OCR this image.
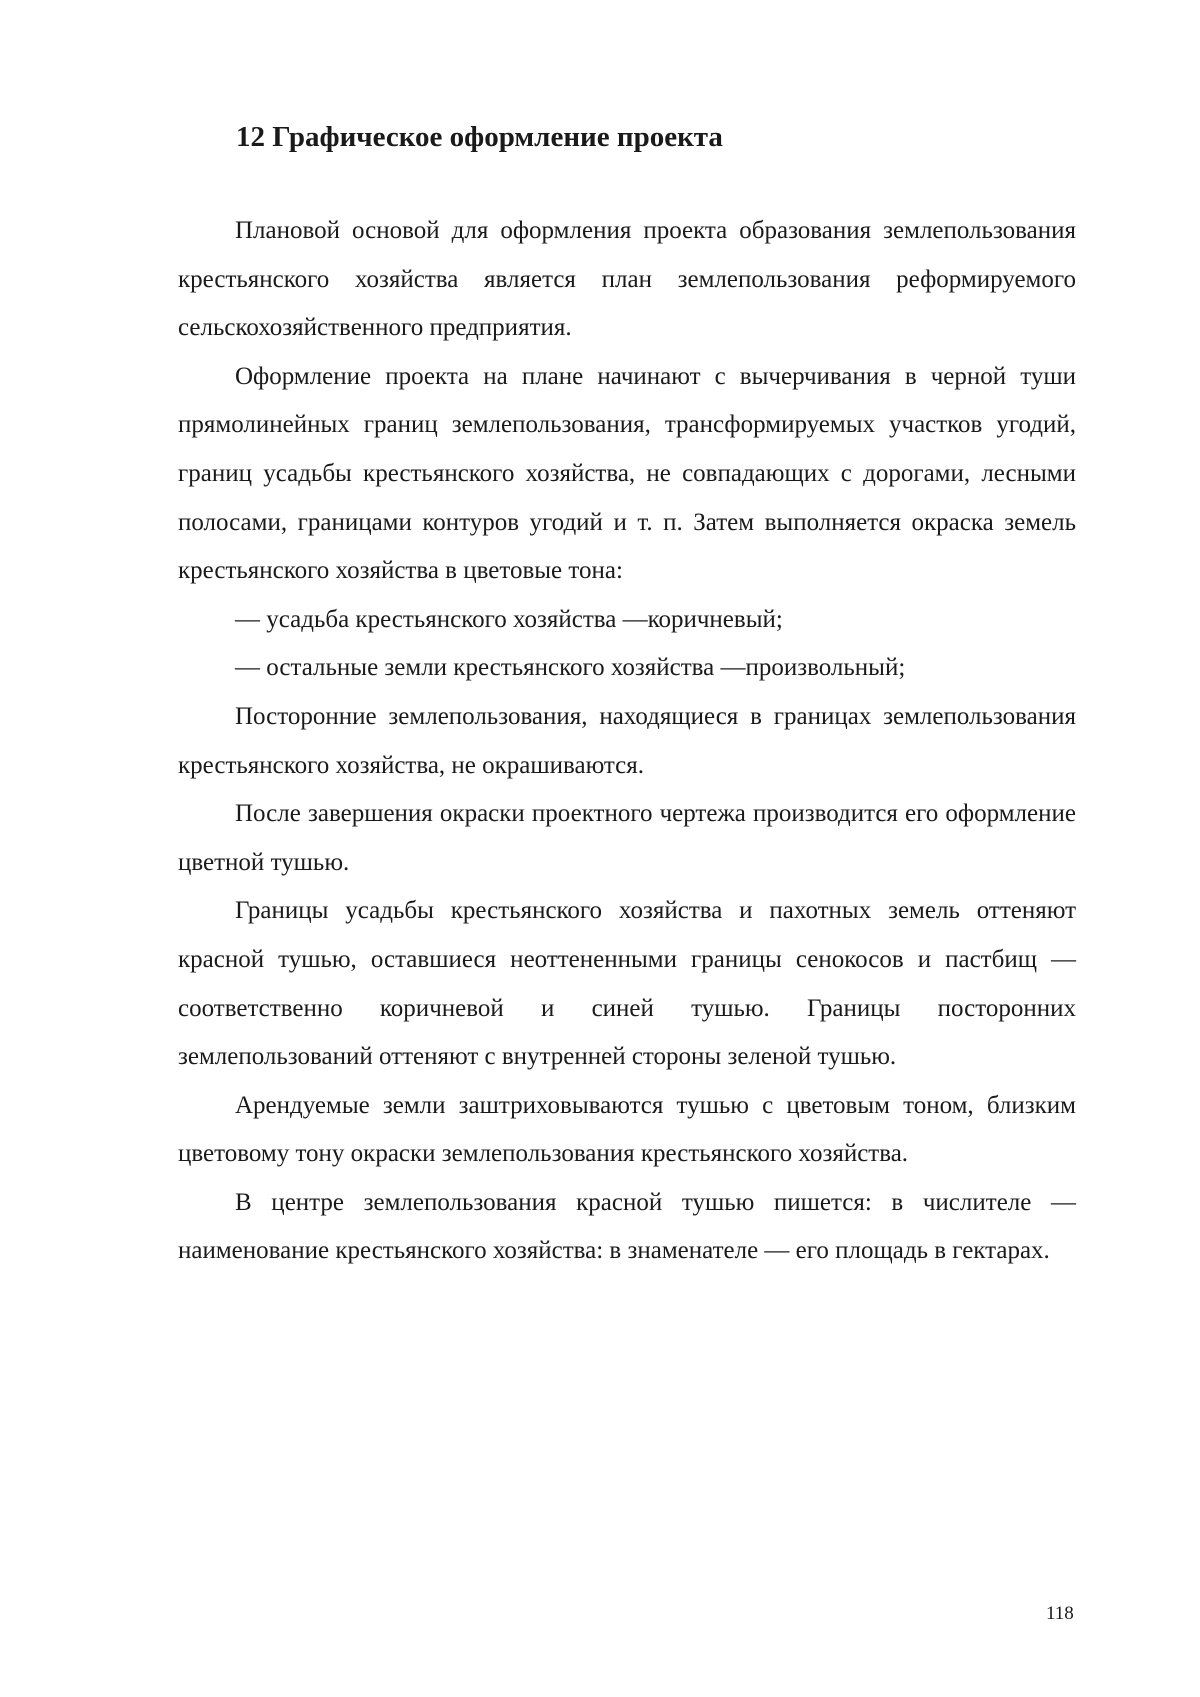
12 Графическое оформление проекта

Плановой основой для оформления проекта образования землепользования крестьянского хозяйства является план землепользования реформируемого сельскохозяйственного предприятия.

Оформление проекта на плане начинают с вычерчивания в черной туши прямолинейных границ землепользования, трансформируемых участков угодий, границ усадьбы крестьянского хозяйства, не совпадающих с дорогами, лесными полосами, границами контуров угодий и т. п. Затем выполняется окраска земель крестьянского хозяйства в цветовые тона:

— усадьба крестьянского хозяйства —коричневый;

— остальные земли крестьянского хозяйства —произвольный;

Посторонние землепользования, находящиеся в границах землепользования крестьянского хозяйства, не окрашиваются.

После завершения окраски проектного чертежа производится его оформление цветной тушью.

Границы усадьбы крестьянского хозяйства и пахотных земель оттеняют красной тушью, оставшиеся неоттененными границы сенокосов и пастбищ — соответственно коричневой и синей тушью. Границы посторонних землепользований оттеняют с внутренней стороны зеленой тушью.

Арендуемые земли заштриховываются тушью с цветовым тоном, близким цветовому тону окраски землепользования крестьянского хозяйства.

В центре землепользования красной тушью пишется: в числителе — наименование крестьянского хозяйства: в знаменателе — его площадь в гектарах.

118
